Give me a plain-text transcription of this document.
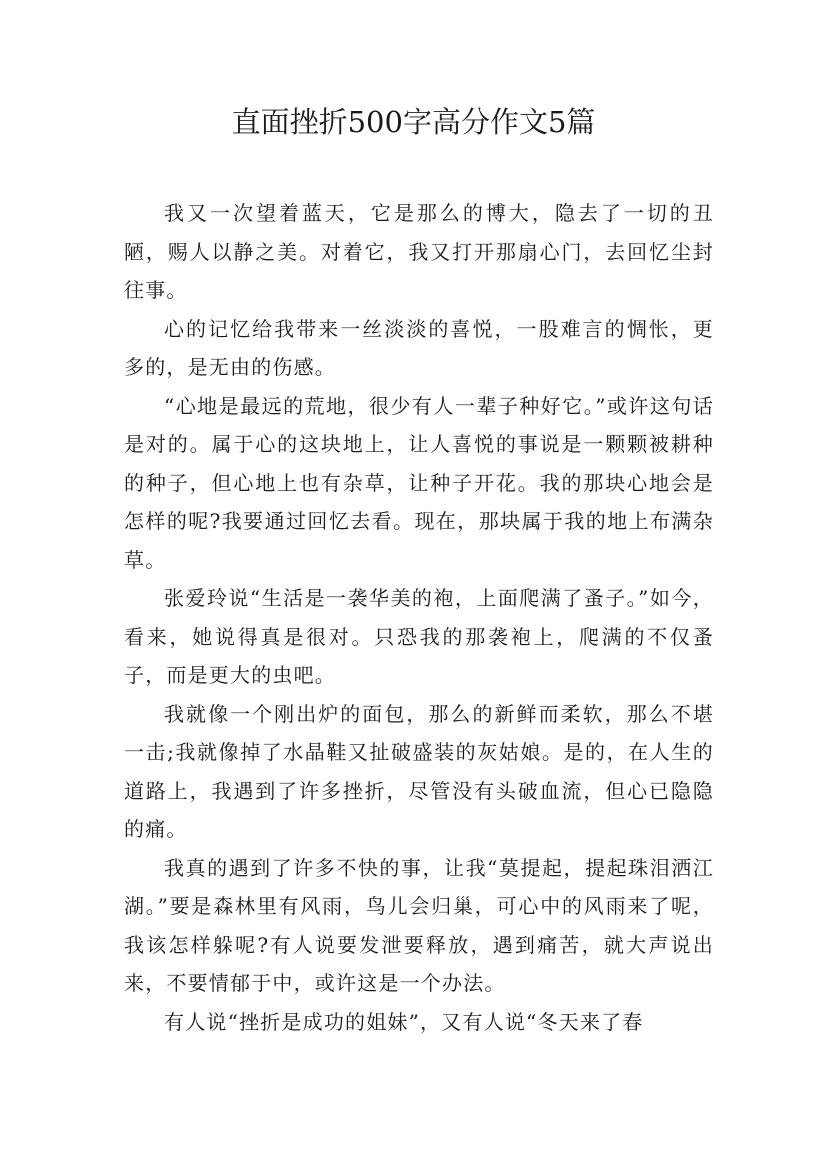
直面挫折500字高分作文5篇

我又一次望着蓝天，它是那么的博大，隐去了一切的丑陋，赐人以静之美。对着它，我又打开那扇心门，去回忆尘封往事。

心的记忆给我带来一丝淡淡的喜悦，一股难言的惆怅，更多的，是无由的伤感。

“心地是最远的荒地，很少有人一辈子种好它。”或许这句话是对的。属于心的这块地上，让人喜悦的事说是一颗颗被耕种的种子，但心地上也有杂草，让种子开花。我的那块心地会是怎样的呢?我要通过回忆去看。现在，那块属于我的地上布满杂草。

张爱玲说“生活是一袭华美的袍，上面爬满了蚤子。”如今，看来，她说得真是很对。只恐我的那袭袍上，爬满的不仅蚤子，而是更大的虫吧。

我就像一个刚出炉的面包，那么的新鲜而柔软，那么不堪一击;我就像掉了水晶鞋又扯破盛装的灰姑娘。是的，在人生的道路上，我遇到了许多挫折，尽管没有头破血流，但心已隐隐的痛。

我真的遇到了许多不快的事，让我“莫提起，提起珠泪洒江湖。”要是森林里有风雨，鸟儿会归巢，可心中的风雨来了呢，我该怎样躲呢?有人说要发泄要释放，遇到痛苦，就大声说出来，不要情郁于中，或许这是一个办法。

有人说“挫折是成功的姐妹”，又有人说“冬天来了春
